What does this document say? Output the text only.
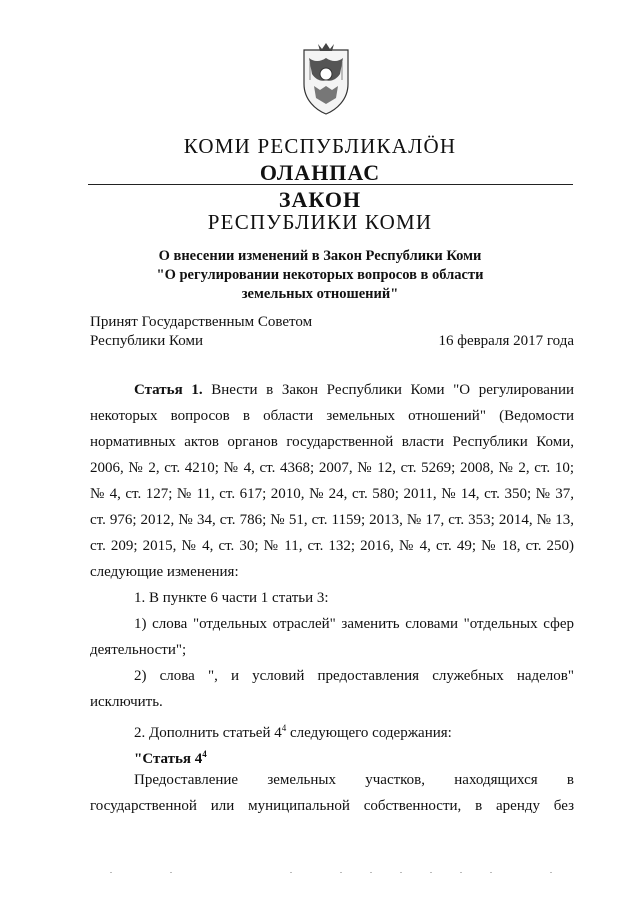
КОМИ РЕСПУБЛИКАЛÖН
ОЛАНПАС
ЗАКОН
РЕСПУБЛИКИ КОМИ
О внесении изменений в Закон Республики Коми
"О регулировании некоторых вопросов в области
земельных отношений"
Принят Государственным Советом
Республики Коми	16 февраля 2017 года
Статья 1. Внести в Закон Республики Коми "О регулировании
некоторых вопросов в области земельных отношений" (Ведомости
нормативных актов органов государственной власти Республики Коми,
2006, № 2, ст. 4210; № 4, ст. 4368; 2007, № 12, ст. 5269; 2008, № 2, ст. 10;
№ 4, ст. 127; № 11, ст. 617; 2010, № 24, ст. 580; 2011, № 14, ст. 350; № 37,
ст. 976; 2012, № 34, ст. 786; № 51, ст. 1159; 2013, № 17, ст. 353; 2014, № 13,
ст. 209; 2015, № 4, ст. 30; № 11, ст. 132; 2016, № 4, ст. 49; № 18, ст. 250)
следующие изменения:
1. В пункте 6 части 1 статьи 3:
1) слова "отдельных отраслей" заменить словами "отдельных сфер
деятельности";
2) слова ", и условий предоставления служебных наделов"
исключить.
2. Дополнить статьей $4^4$ следующего содержания:
"Статья $4^4$
Предоставление земельных участков, находящихся в
государственной или муниципальной собственности, в аренду без
